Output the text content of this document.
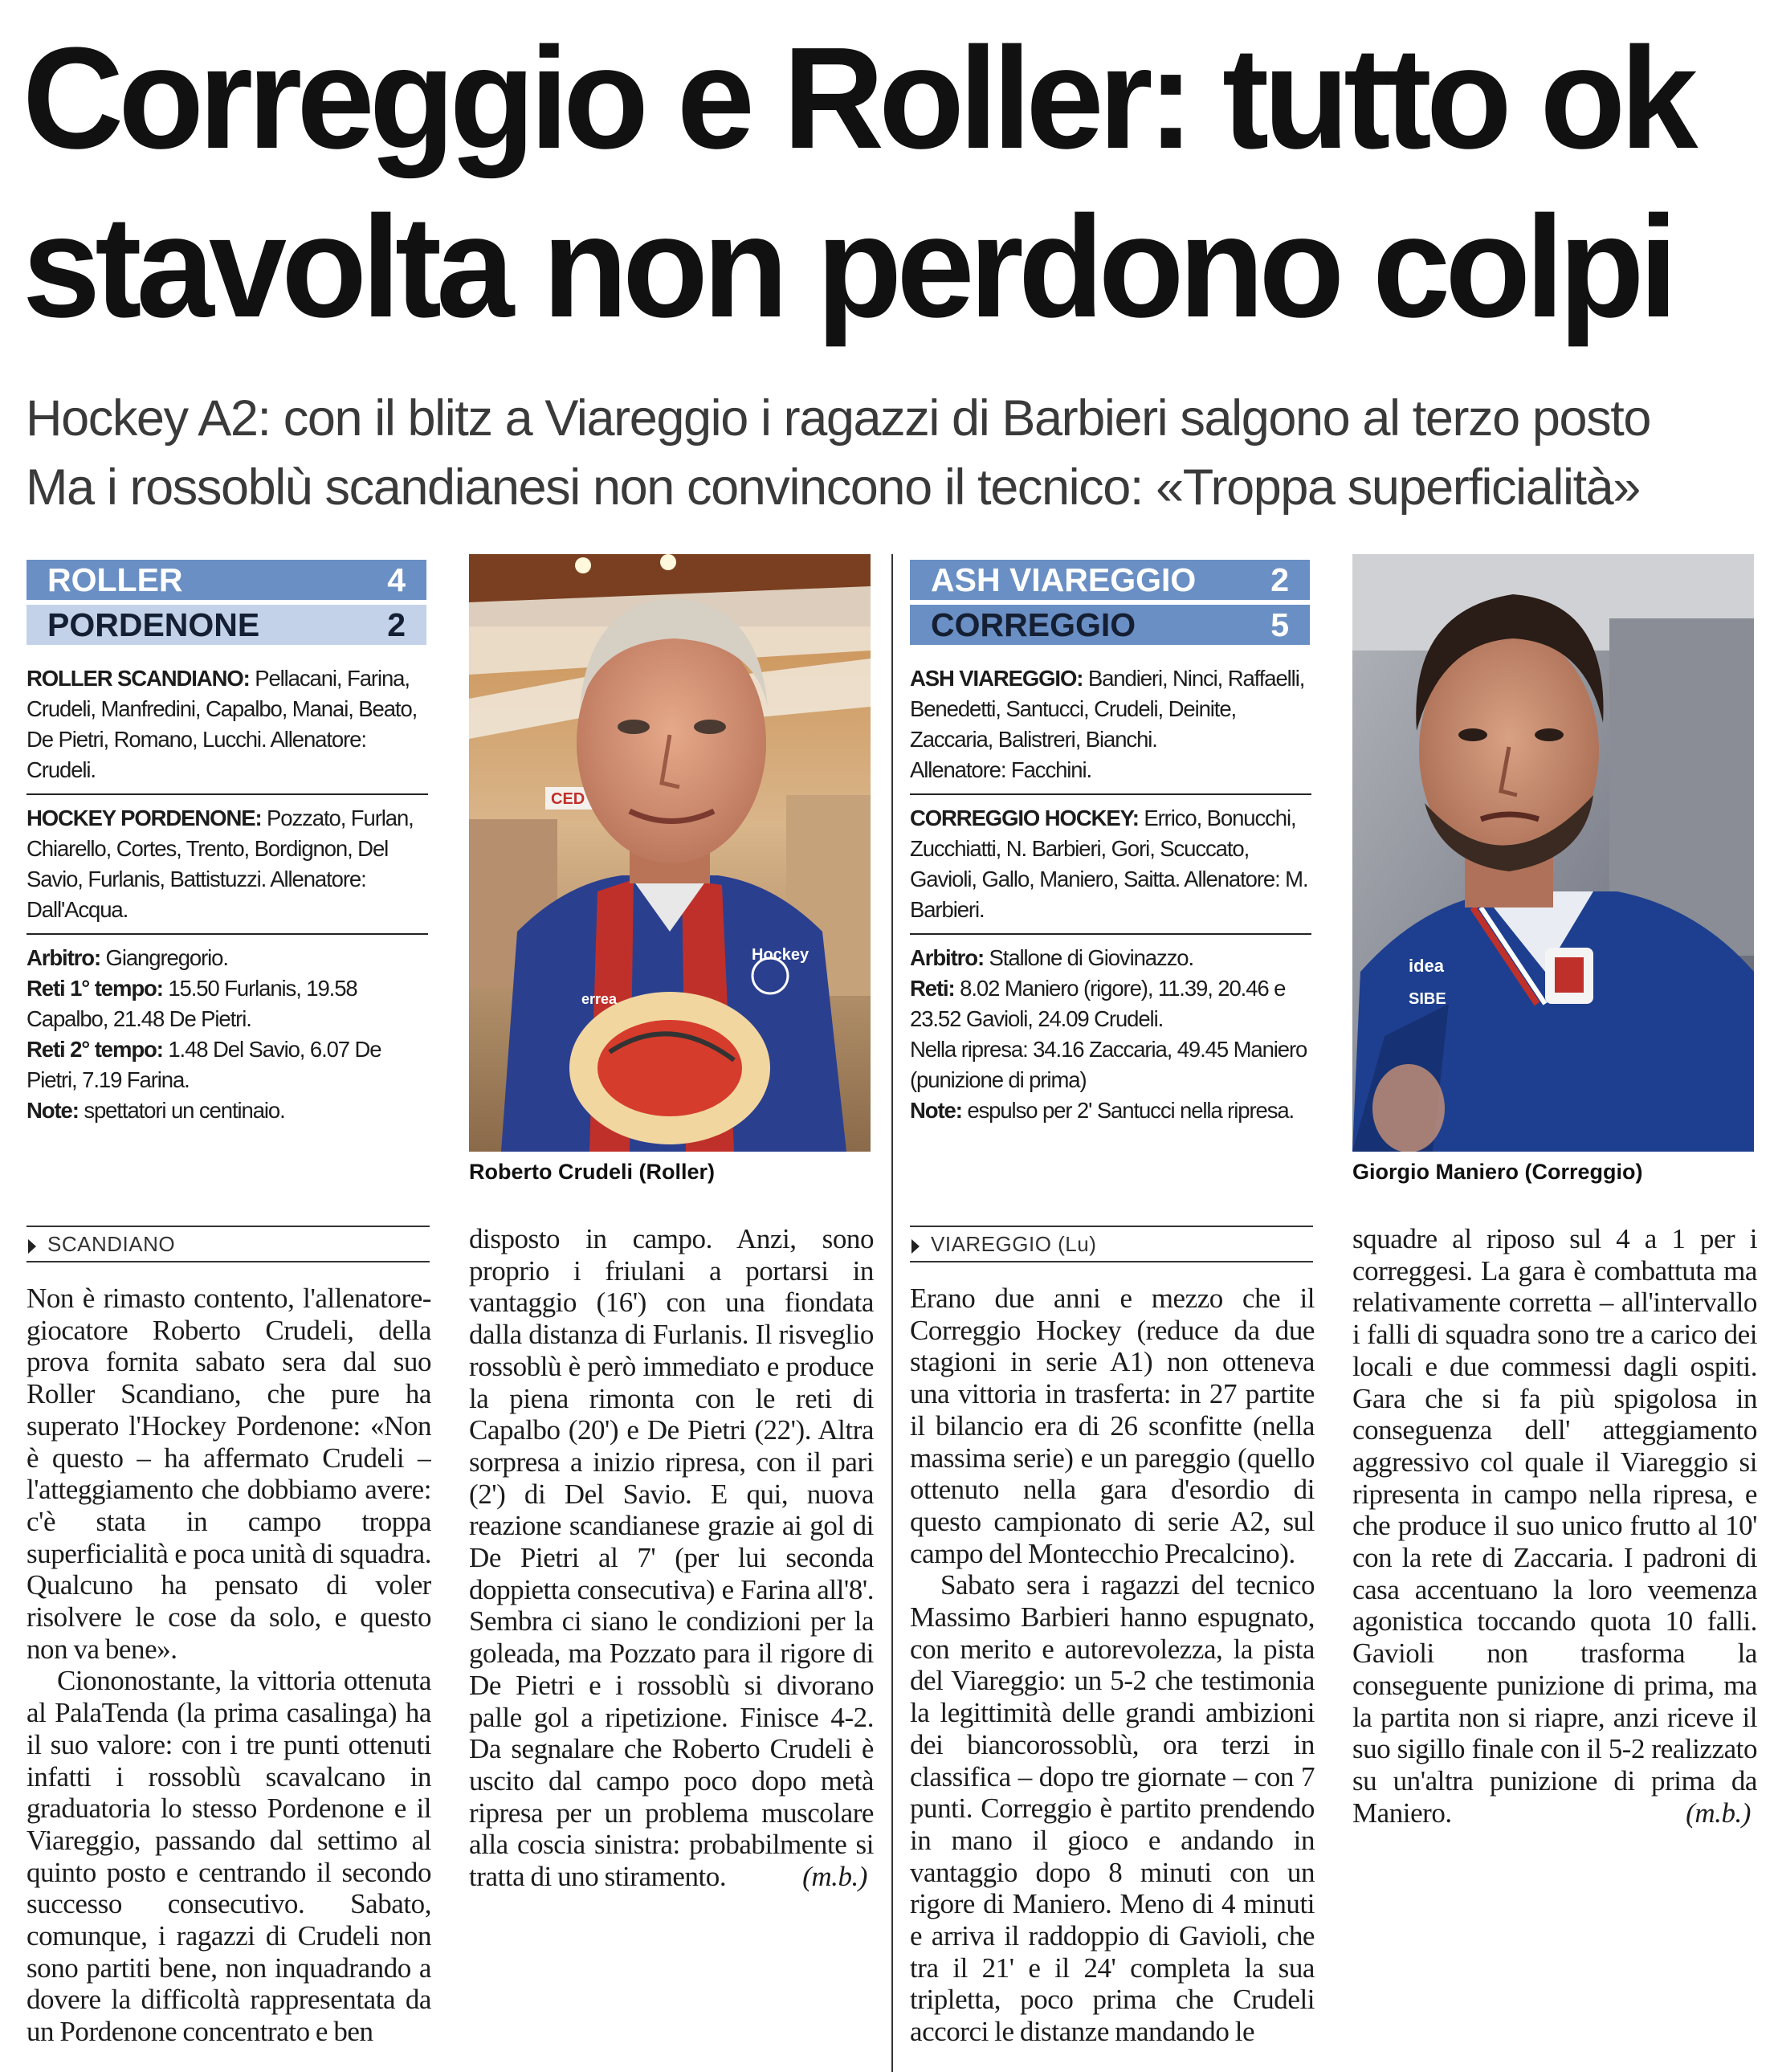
Correggio e Roller: tutto ok
stavolta non perdono colpi
Hockey A2: con il blitz a Viareggio i ragazzi di Barbieri salgono al terzo posto
Ma i rossoblù scandianesi non convincono il tecnico: «Troppa superficialità»
ROLLER	4
PORDENONE	2

ROLLER SCANDIANO: Pellacani, Farina, Crudeli, Manfredini, Capalbo, Manai, Beato, De Pietri, Romano, Lucchi. Allenatore: Crudeli.

HOCKEY PORDENONE: Pozzato, Furlan, Chiarello, Cortes, Trento, Bordignon, Del Savio, Furlanis, Battistuzzi. Allenatore: Dall'Acqua.

Arbitro: Giangregorio.

Reti 1° tempo: 15.50 Furlanis, 19.58 Capalbo, 21.48 De Pietri.

Reti 2° tempo: 1.48 Del Savio, 6.07 De Pietri, 7.19 Farina.

Note: spettatori un centinaio.

CED
errea
Hockey
Roberto Crudeli (Roller)
ASH VIAREGGIO 2
CORREGGIO	5

ASH VIAREGGIO: Bandieri, Ninci, Raffaelli, Benedetti, Santucci, Crudeli, Deinite, Zaccaria, Balistreri, Bianchi.

Allenatore: Facchini.

CORREGGIO HOCKEY: Errico, Bonucchi, Zucchiatti, N. Barbieri, Gori, Scuccato, Gavioli, Gallo, Maniero, Saitta. Allenatore: M. Barbieri.

Arbitro: Stallone di Giovinazzo.

Reti: 8.02 Maniero (rigore), 11.39, 20.46 e 23.52 Gavioli, 24.09 Crudeli.

Nella ripresa: 34.16 Zaccaria, 49.45 Maniero (punizione di prima)

Note: espulso per 2' Santucci nella ripresa.

idea
SIBE
Giorgio Maniero (Correggio)
SCANDIANO

Non è rimasto contento, l'allenatore-giocatore Roberto Crudeli, della prova fornita sabato sera dal suo Roller Scandiano, che pure ha superato l'Hockey Pordenone: «Non è questo – ha affermato Crudeli – l'atteggiamento che dobbiamo avere: c'è stata in campo troppa superficialità e poca unità di squadra. Qualcuno ha pensato di voler risolvere le cose da solo, e questo non va bene».

Ciononostante, la vittoria ottenuta al PalaTenda (la prima casalinga) ha il suo valore: con i tre punti ottenuti infatti i rossoblù scavalcano in graduatoria lo stesso Pordenone e il Viareggio, passando dal settimo al quinto posto e centrando il secondo successo consecutivo. Sabato, comunque, i ragazzi di Crudeli non sono partiti bene, non inquadrando a dovere la difficoltà rappresentata da un Pordenone concentrato e ben

disposto in campo. Anzi, sono proprio i friulani a portarsi in vantaggio (16') con una fiondata dalla distanza di Furlanis. Il risveglio rossoblù è però immediato e produce la piena rimonta con le reti di Capalbo (20') e De Pietri (22'). Altra sorpresa a inizio ripresa, con il pari (2') di Del Savio. E qui, nuova reazione scandianese grazie ai gol di De Pietri al 7' (per lui seconda doppietta consecutiva) e Farina all'8'. Sembra ci siano le condizioni per la goleada, ma Pozzato para il rigore di De Pietri e i rossoblù si divorano palle gol a ripetizione. Finisce 4-2. Da segnalare che Roberto Crudeli è uscito dal campo poco dopo metà ripresa per un problema muscolare alla coscia sinistra: probabilmente si tratta di uno stiramento.	(m.b.)

VIAREGGIO (Lu)

Erano due anni e mezzo che il Correggio Hockey (reduce da due stagioni in serie A1) non otteneva una vittoria in trasferta: in 27 partite il bilancio era di 26 sconfitte (nella massima serie) e un pareggio (quello ottenuto nella gara d'esordio di questo campionato di serie A2, sul campo del Montecchio Precalcino).

Sabato sera i ragazzi del tecnico Massimo Barbieri hanno espugnato, con merito e autorevolezza, la pista del Viareggio: un 5-2 che testimonia la legittimità delle grandi ambizioni dei biancorossoblù, ora terzi in classifica – dopo tre giornate – con 7 punti. Correggio è partito prendendo in mano il gioco e andando in vantaggio dopo 8 minuti con un rigore di Maniero. Meno di 4 minuti e arriva il raddoppio di Gavioli, che tra il 21' e il 24' completa la sua tripletta, poco prima che Crudeli accorci le distanze mandando le

squadre al riposo sul 4 a 1 per i correggesi. La gara è combattuta ma relativamente corretta – all'intervallo i falli di squadra sono tre a carico dei locali e due commessi dagli ospiti. Gara che si fa più spigolosa in conseguenza dell' atteggiamento aggressivo col quale il Viareggio si ripresenta in campo nella ripresa, e che produce il suo unico frutto al 10' con la rete di Zaccaria. I padroni di casa accentuano la loro veemenza agonistica toccando quota 10 falli. Gavioli non trasforma la conseguente punizione di prima, ma la partita non si riapre, anzi riceve il suo sigillo finale con il 5-2 realizzato su un'altra punizione di prima da Maniero.	(m.b.)
